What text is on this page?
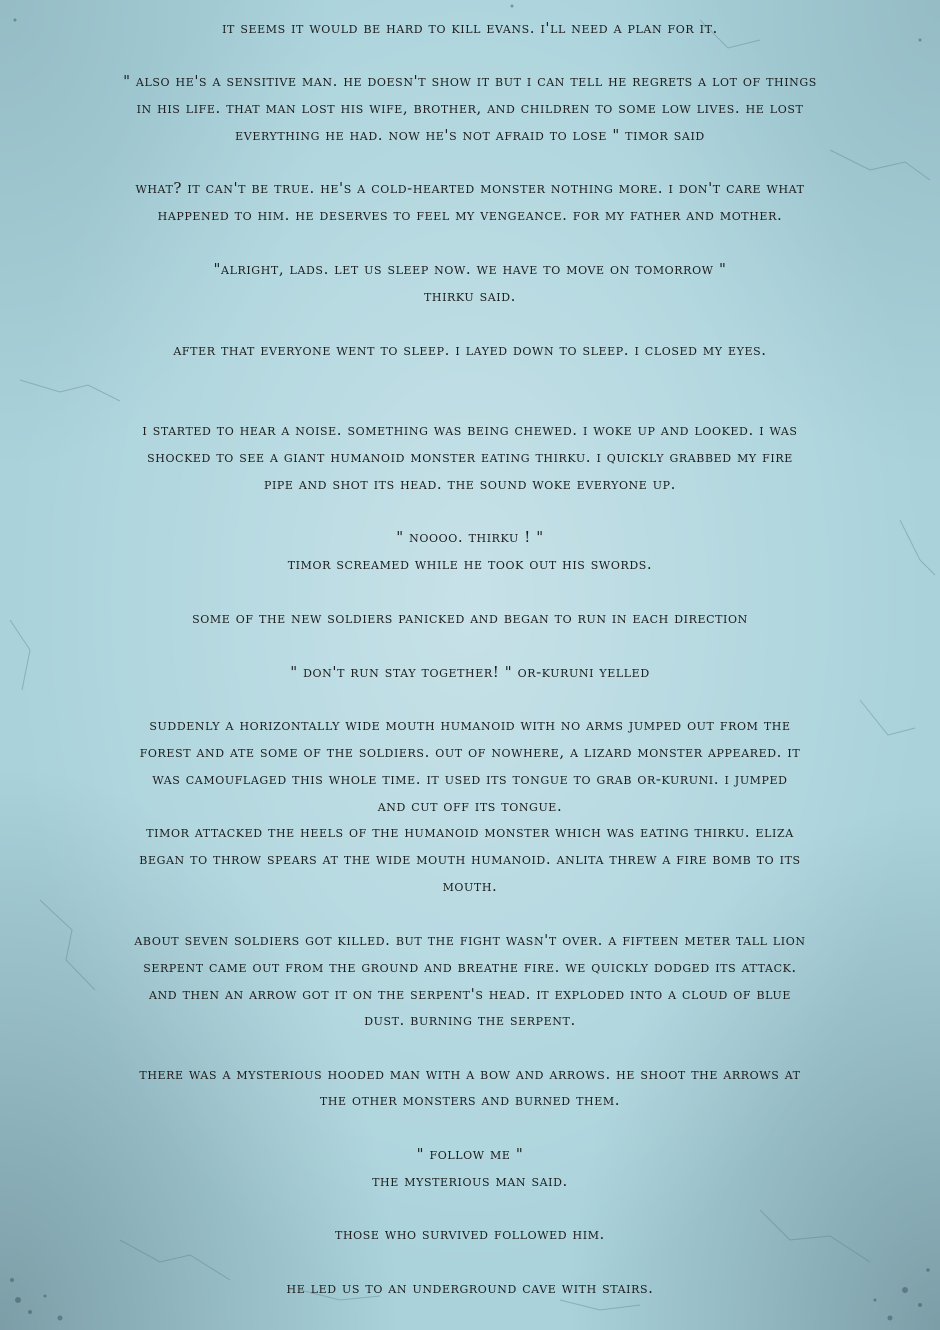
it seems it would be hard to kill evans. i'll need a plan for it.
" also he's a sensitive man. he doesn't show it but i can tell he regrets a lot of things
in his life. that man lost his wife, brother, and children to some low lives. he lost
everything he had. now he's not afraid to lose " timor said
what? it can't be true. he's a cold-hearted monster nothing more. i don't care what
happened to him. he deserves to feel my vengeance. for my father and mother.
"alright, lads. let us sleep now. we have to move on tomorrow "
thirku said.
after that everyone went to sleep. i layed down to sleep. i closed my eyes.
i started to hear a noise. something was being chewed. i woke up and looked. i was
shocked to see a giant humanoid monster eating thirku. i quickly grabbed my fire
pipe and shot its head. the sound woke everyone up.
" noooo. thirku ! "
timor screamed while he took out his swords.
some of the new soldiers panicked and began to run in each direction
" don't run stay together! " or-kuruni yelled
suddenly a horizontally wide mouth humanoid with no arms jumped out from the
forest and ate some of the soldiers. out of nowhere, a lizard monster appeared. it
was camouflaged this whole time. it used its tongue to grab or-kuruni. i jumped
and cut off its tongue.
timor attacked the heels of the humanoid monster which was eating thirku. eliza
began to throw spears at the wide mouth humanoid. anlita threw a fire bomb to its
mouth.
about seven soldiers got killed. but the fight wasn't over. a fifteen meter tall lion
serpent came out from the ground and breathe fire. we quickly dodged its attack.
and then an arrow got it on the serpent's head. it exploded into a cloud of blue
dust. burning the serpent.
there was a mysterious hooded man with a bow and arrows. he shoot the arrows at
the other monsters and burned them.
" follow me "
the mysterious man said.
those who survived followed him.
he led us to an underground cave with stairs.
